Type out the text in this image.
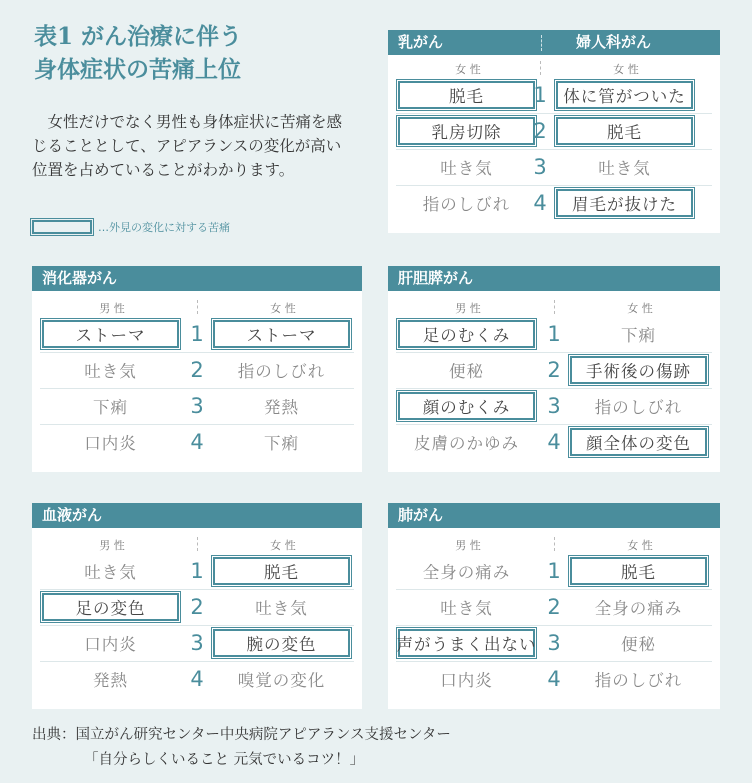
表1 がん治療に伴う
身体症状の苦痛上位
女性だけでなく男性も身体症状に苦痛を感じることとして、アピアランスの変化が高い位置を占めていることがわかります。
…外見の変化に対する苦痛
乳がん	婦人科がん
女 性	女 性
脱毛	1	体に管がついた
乳房切除	2	脱毛
吐き気	3	吐き気
指のしびれ	4	眉毛が抜けた
消化器がん
男 性	女 性
ストーマ	1	ストーマ
吐き気	2	指のしびれ
下痢	3	発熱
口内炎	4	下痢
肝胆膵がん
男 性	女 性
足のむくみ	1	下痢
便秘	2	手術後の傷跡
顔のむくみ	3	指のしびれ
皮膚のかゆみ	4	顔全体の変色
血液がん
男 性	女 性
吐き気	1	脱毛
足の変色	2	吐き気
口内炎	3	腕の変色
発熱	4	嗅覚の変化
肺がん
男 性	女 性
全身の痛み	1	脱毛
吐き気	2	全身の痛み
声がうまく出ない 3	便秘
口内炎	4	指のしびれ
出典：国立がん研究センター中央病院アピアランス支援センター
「自分らしくいること 元気でいるコツ！」
